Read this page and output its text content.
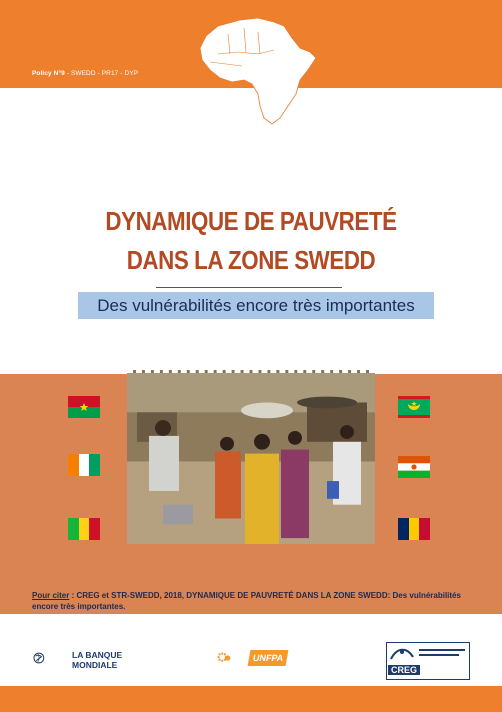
Policy N°9 - SWEDD - PR17 - DYP
DYNAMIQUE DE PAUVRETÉ
DANS LA ZONE SWEDD
Des vulnérabilités encore très importantes
Pour citer : CREG et STR-SWEDD, 2018, DYNAMIQUE DE PAUVRETÉ DANS LA ZONE SWEDD: Des vulnérabilités encore très importantes.
LA BANQUE
MONDIALE
UNFPA
CREG
